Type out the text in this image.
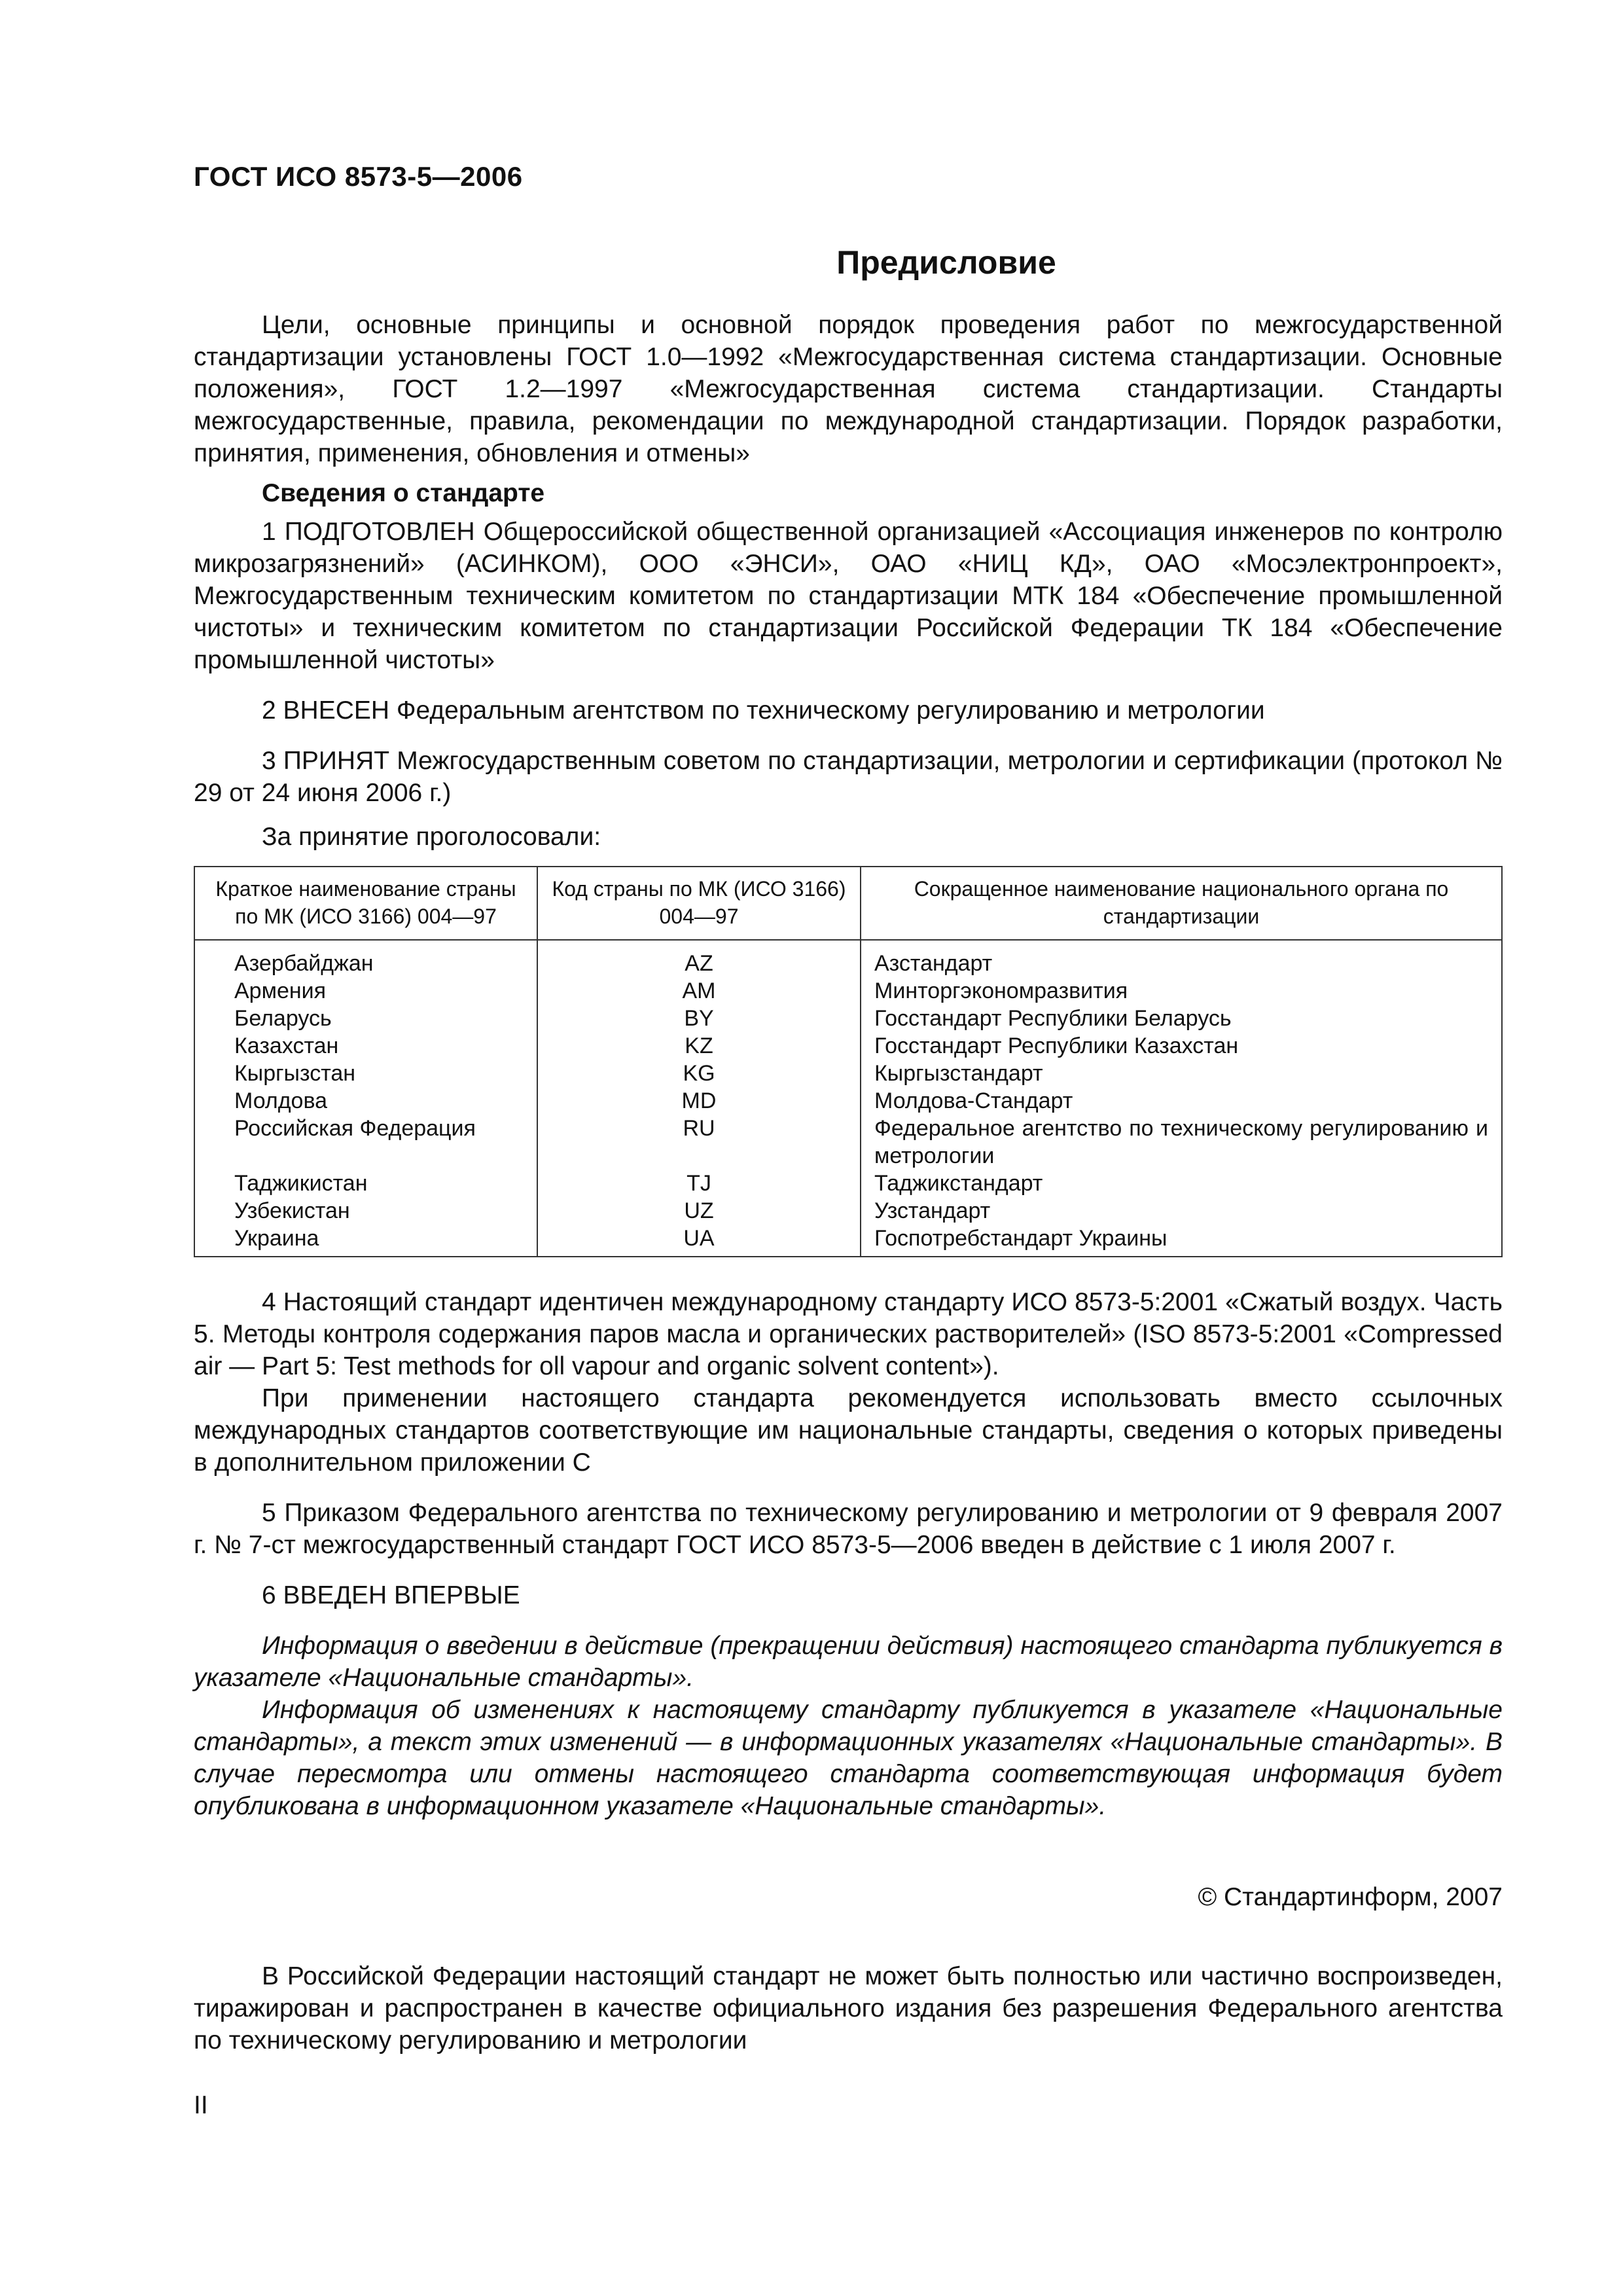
ГОСТ ИСО 8573-5—2006
Предисловие

Цели, основные принципы и основной порядок проведения работ по межгосударственной стандартизации установлены ГОСТ 1.0—1992 «Межгосударственная система стандартизации. Основные положения», ГОСТ 1.2—1997 «Межгосударственная система стандартизации. Стандарты межгосударственные, правила, рекомендации по международной стандартизации. Порядок разработки, принятия, применения, обновления и отмены»

Сведения о стандарте

1 ПОДГОТОВЛЕН Общероссийской общественной организацией «Ассоциация инженеров по контролю микрозагрязнений» (АСИНКОМ), ООО «ЭНСИ», ОАО «НИЦ КД», ОАО «Мосэлектронпроект», Межгосударственным техническим комитетом по стандартизации МТК 184 «Обеспечение промышленной чистоты» и техническим комитетом по стандартизации Российской Федерации ТК 184 «Обеспечение промышленной чистоты»

2 ВНЕСЕН Федеральным агентством по техническому регулированию и метрологии

3 ПРИНЯТ Межгосударственным советом по стандартизации, метрологии и сертификации (протокол № 29 от 24 июня 2006 г.)

За принятие проголосовали:

Краткое наименование страны по МК (ИСО 3166) 004—97	Код страны по МК (ИСО 3166) 004—97	Сокращенное наименование национального органа по стандартизации
Азербайджан	AZ	Азстандарт
Армения	AM	Минторгэкономразвития
Беларусь	BY	Госстандарт Республики Беларусь
Казахстан	KZ	Госстандарт Республики Казахстан
Кыргызстан	KG	Кыргызстандарт
Молдова	MD	Молдова-Стандарт
Российская Федерация	RU	Федеральное агентство по техническому регулированию и метрологии
Таджикистан	TJ	Таджикстандарт
Узбекистан	UZ	Узстандарт
Украина	UA	Госпотребстандарт Украины

4 Настоящий стандарт идентичен международному стандарту ИСО 8573-5:2001 «Сжатый воздух. Часть 5. Методы контроля содержания паров масла и органических растворителей» (ISO 8573-5:2001 «Compressed air — Part 5: Test methods for oll vapour and organic solvent content»).

При применении настоящего стандарта рекомендуется использовать вместо ссылочных международных стандартов соответствующие им национальные стандарты, сведения о которых приведены в дополнительном приложении С

5 Приказом Федерального агентства по техническому регулированию и метрологии от 9 февраля 2007 г. № 7-ст межгосударственный стандарт ГОСТ ИСО 8573-5—2006 введен в действие с 1 июля 2007 г.

6 ВВЕДЕН ВПЕРВЫЕ

Информация о введении в действие (прекращении действия) настоящего стандарта публикуется в указателе «Национальные стандарты».

Информация об изменениях к настоящему стандарту публикуется в указателе «Национальные стандарты», а текст этих изменений — в информационных указателях «Национальные стандарты». В случае пересмотра или отмены настоящего стандарта соответствующая информация будет опубликована в информационном указателе «Национальные стандарты».

© Стандартинформ, 2007

В Российской Федерации настоящий стандарт не может быть полностью или частично воспроизведен, тиражирован и распространен в качестве официального издания без разрешения Федерального агентства по техническому регулированию и метрологии

II
